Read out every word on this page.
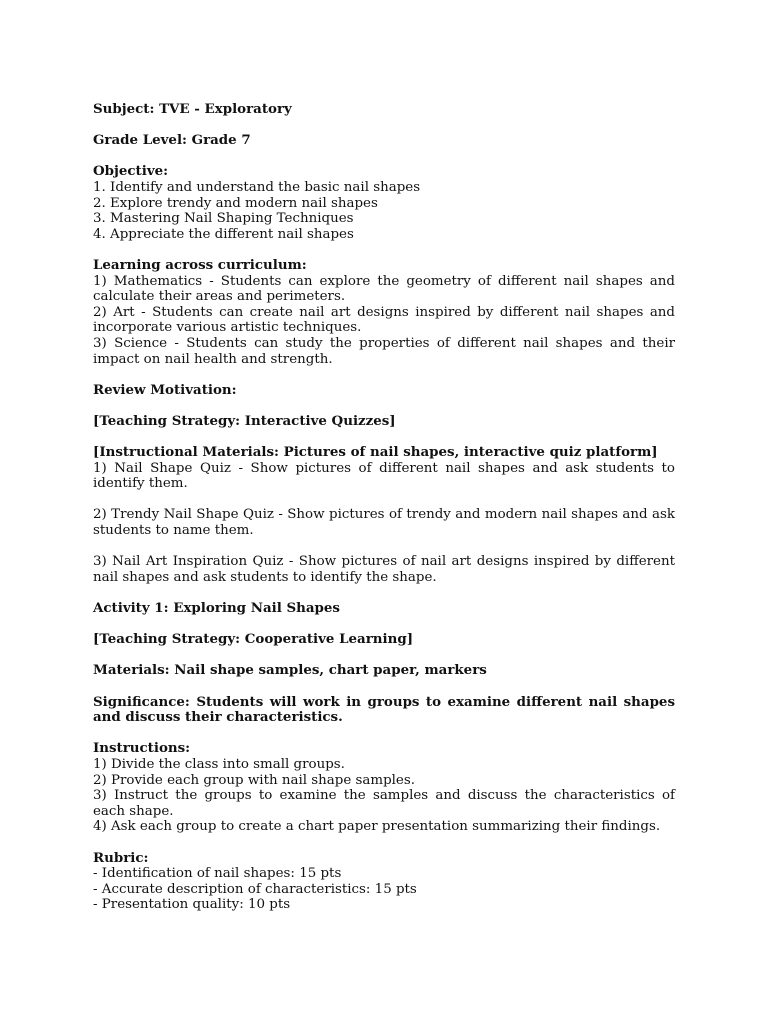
Subject: TVE - Exploratory

Grade Level: Grade 7

Objective:
1. Identify and understand the basic nail shapes
2. Explore trendy and modern nail shapes
3. Mastering Nail Shaping Techniques
4. Appreciate the different nail shapes
Learning across curriculum:
1) Mathematics - Students can explore the geometry of different nail shapes and calculate their areas and perimeters.
2) Art - Students can create nail art designs inspired by different nail shapes and incorporate various artistic techniques.
3) Science - Students can study the properties of different nail shapes and their impact on nail health and strength.

Review Motivation:

[Teaching Strategy: Interactive Quizzes]

[Instructional Materials: Pictures of nail shapes, interactive quiz platform]
1) Nail Shape Quiz - Show pictures of different nail shapes and ask students to identify them.

2) Trendy Nail Shape Quiz - Show pictures of trendy and modern nail shapes and ask students to name them.

3) Nail Art Inspiration Quiz - Show pictures of nail art designs inspired by different nail shapes and ask students to identify the shape.

Activity 1: Exploring Nail Shapes

[Teaching Strategy: Cooperative Learning]

Materials: Nail shape samples, chart paper, markers

Significance: Students will work in groups to examine different nail shapes and discuss their characteristics.

Instructions:
1) Divide the class into small groups.
2) Provide each group with nail shape samples.
3) Instruct the groups to examine the samples and discuss the characteristics of each shape.
4) Ask each group to create a chart paper presentation summarizing their findings.
Rubric:
- Identification of nail shapes: 15 pts
- Accurate description of characteristics: 15 pts
- Presentation quality: 10 pts
